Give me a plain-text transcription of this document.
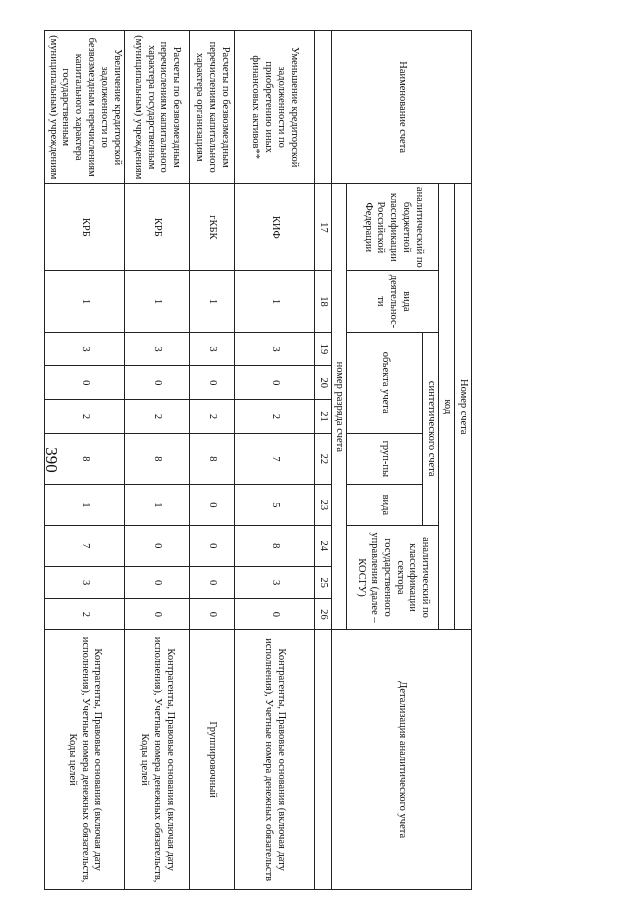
390
Наименование счета	Номер счета										Детализация аналитического учета
	код										
	аналитический по бюджетной классификации Российской Федерации	вида деятельнос-ти	синтетического счета					аналитический по классификации сектора государственного управления (далее – КОСГУ)			
			объекта учета			груп-пы	вида				
	номер разряда счета										
	17	18	19	20	21	22	23	24	25	26	
Уменьшение кредиторской задолженности по приобретению иных финансовых активов**	КИФ	1	3	0	2	7	5	8	3	0	Контрагенты, Правовые основания (включая дату исполнения), Учетные номера денежных обязательств
Расчеты по безвозмездным перечислениям капитального характера организациям	гКБК	1	3	0	2	8	0	0	0	0	Группировочный
Расчеты по безвозмездным перечислениям капитального характера государственным (муниципальным) учреждениям	КРБ	1	3	0	2	8	1	0	0	0	Контрагенты, Правовые основания (включая дату исполнения), Учетные номера денежных обязательств, Коды целей
Увеличение кредиторской задолженности по безвозмездным перечислениям капитального характера государственным (муниципальным) учреждениям	КРБ	1	3	0	2	8	1	7	3	2	Контрагенты, Правовые основания (включая дату исполнения), Учетные номера денежных обязательств, Коды целей
